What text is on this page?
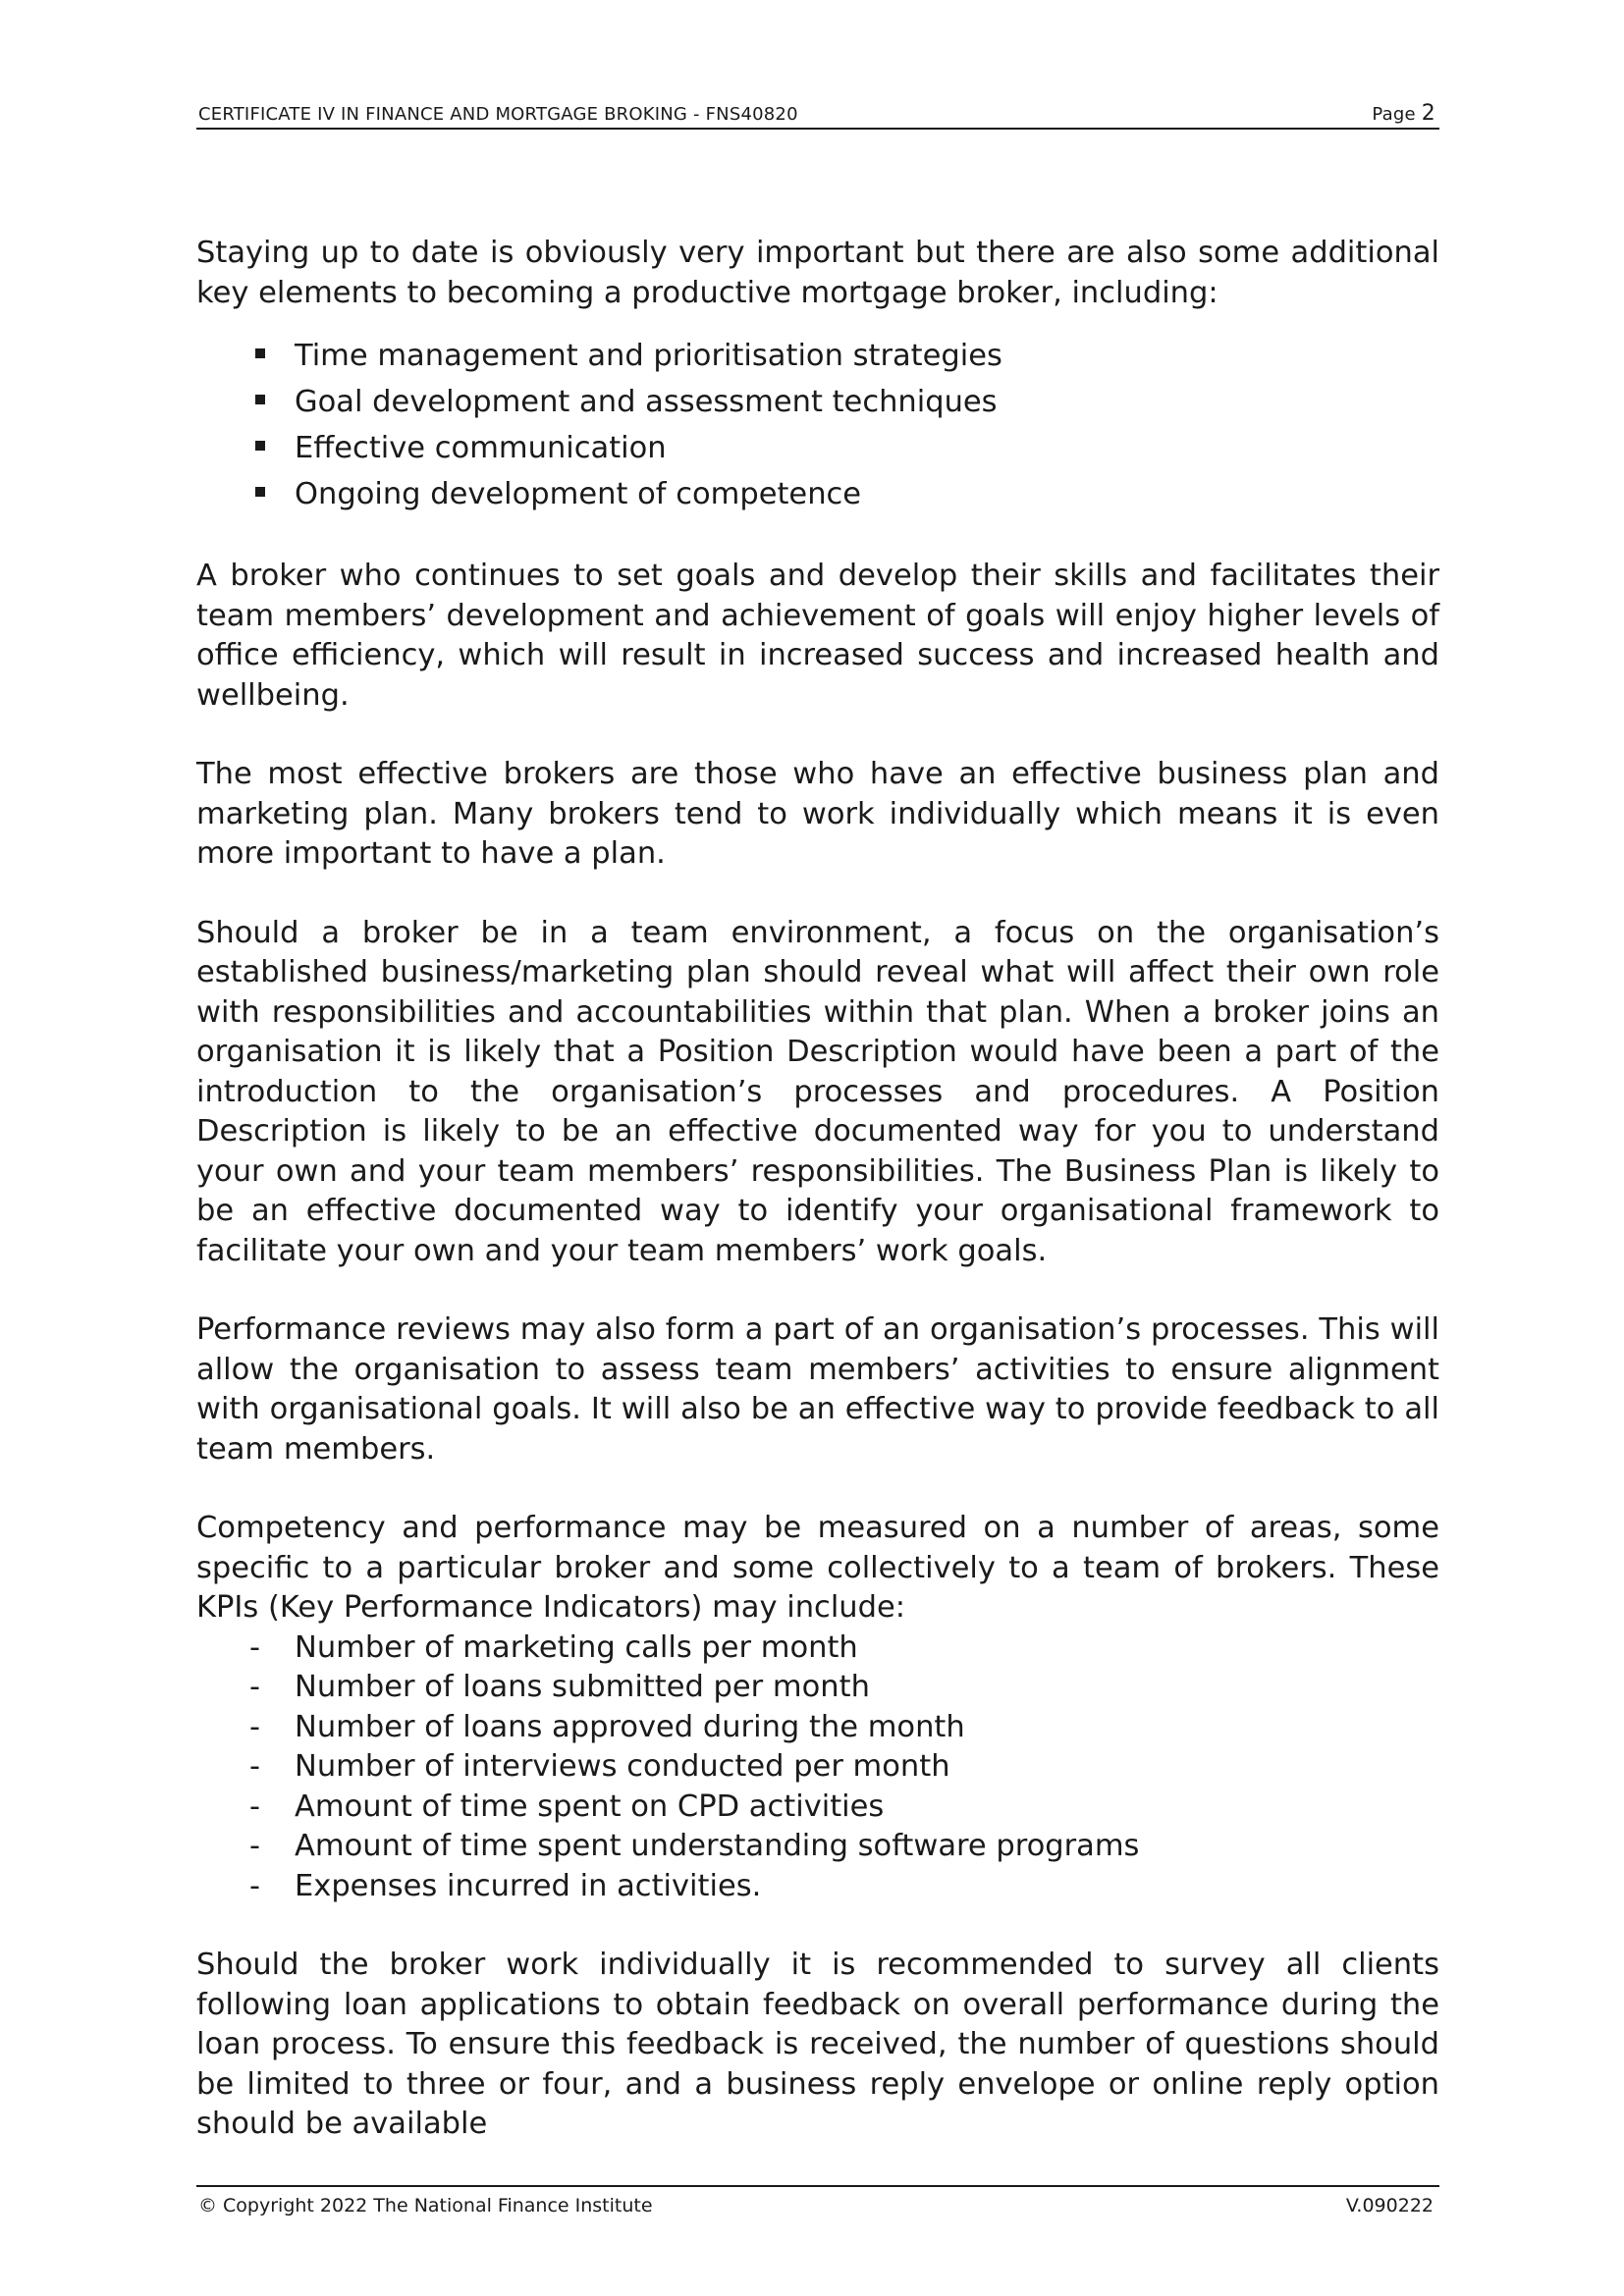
CERTIFICATE IV IN FINANCE AND MORTGAGE BROKING - FNS40820	Page 2

Staying up to date is obviously very important but there are also some additional key elements to becoming a productive mortgage broker, including:

Time management and prioritisation strategies
Goal development and assessment techniques
Effective communication
Ongoing development of competence

A broker who continues to set goals and develop their skills and facilitates their team members’ development and achievement of goals will enjoy higher levels of office efficiency, which will result in increased success and increased health and wellbeing.

The most effective brokers are those who have an effective business plan and marketing plan. Many brokers tend to work individually which means it is even more important to have a plan.

Should a broker be in a team environment, a focus on the organisation’s established business/marketing plan should reveal what will affect their own role with responsibilities and accountabilities within that plan. When a broker joins an organisation it is likely that a Position Description would have been a part of the introduction to the organisation’s processes and procedures. A Position Description is likely to be an effective documented way for you to understand your own and your team members’ responsibilities. The Business Plan is likely to be an effective documented way to identify your organisational framework to facilitate your own and your team members’ work goals.

Performance reviews may also form a part of an organisation’s processes. This will allow the organisation to assess team members’ activities to ensure alignment with organisational goals. It will also be an effective way to provide feedback to all team members.

Competency and performance may be measured on a number of areas, some specific to a particular broker and some collectively to a team of brokers. These KPIs (Key Performance Indicators) may include:

- Number of marketing calls per month
- Number of loans submitted per month
- Number of loans approved during the month
- Number of interviews conducted per month
- Amount of time spent on CPD activities
- Amount of time spent understanding software programs
- Expenses incurred in activities.

Should the broker work individually it is recommended to survey all clients following loan applications to obtain feedback on overall performance during the loan process. To ensure this feedback is received, the number of questions should be limited to three or four, and a business reply envelope or online reply option should be available

© Copyright 2022 The National Finance Institute	V.090222
